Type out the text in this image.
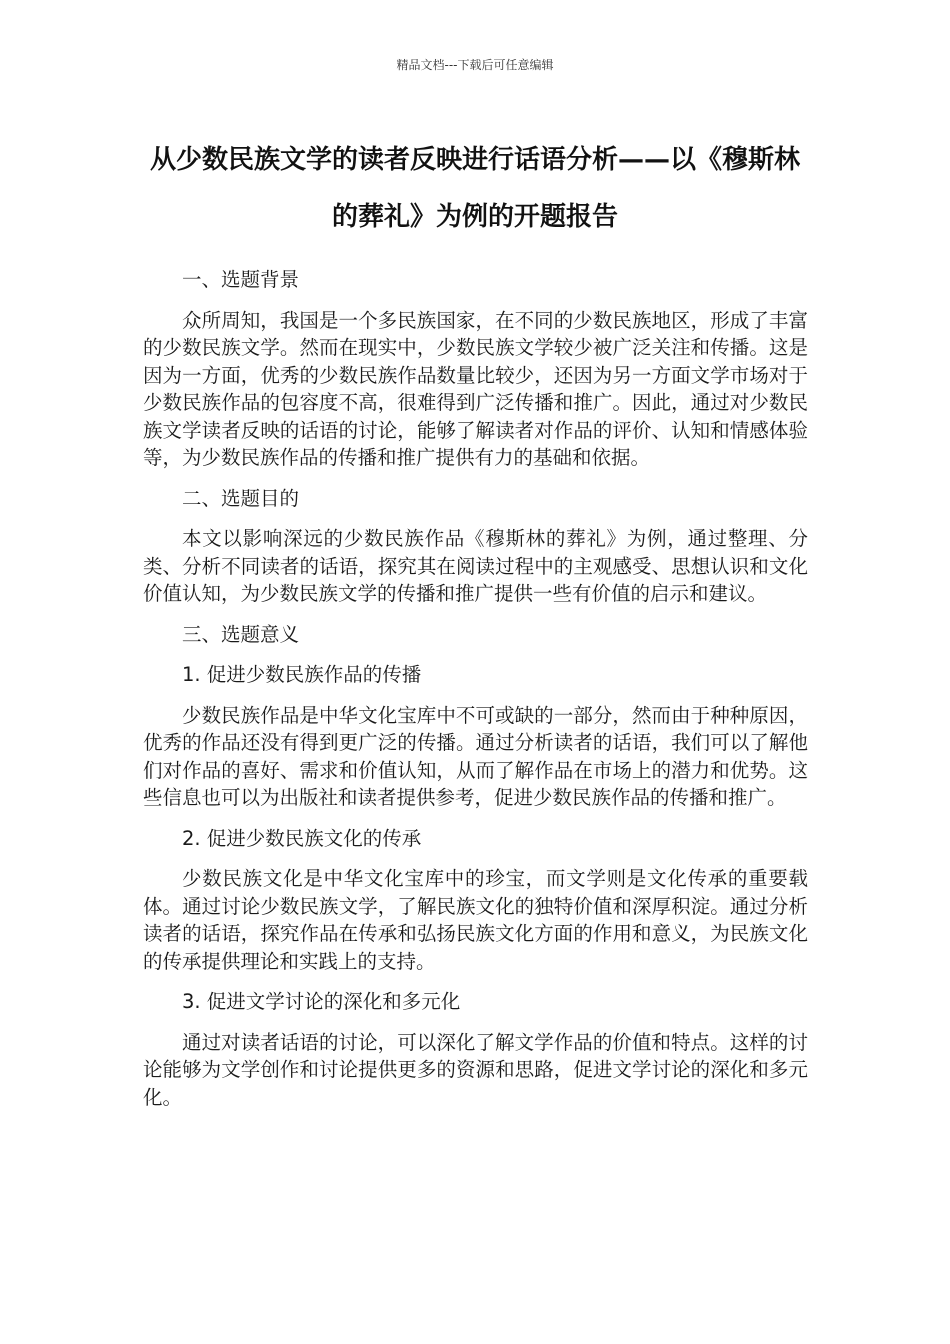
精品文档---下载后可任意编辑
从少数民族文学的读者反映进行话语分析——以《穆斯林的葬礼》为例的开题报告

一、选题背景

众所周知，我国是一个多民族国家，在不同的少数民族地区，形成了丰富的少数民族文学。然而在现实中，少数民族文学较少被广泛关注和传播。这是因为一方面，优秀的少数民族作品数量比较少，还因为另一方面文学市场对于少数民族作品的包容度不高，很难得到广泛传播和推广。因此，通过对少数民族文学读者反映的话语的讨论，能够了解读者对作品的评价、认知和情感体验等，为少数民族作品的传播和推广提供有力的基础和依据。

二、选题目的

本文以影响深远的少数民族作品《穆斯林的葬礼》为例，通过整理、分类、分析不同读者的话语，探究其在阅读过程中的主观感受、思想认识和文化价值认知，为少数民族文学的传播和推广提供一些有价值的启示和建议。

三、选题意义

1. 促进少数民族作品的传播

少数民族作品是中华文化宝库中不可或缺的一部分，然而由于种种原因，优秀的作品还没有得到更广泛的传播。通过分析读者的话语，我们可以了解他们对作品的喜好、需求和价值认知，从而了解作品在市场上的潜力和优势。这些信息也可以为出版社和读者提供参考，促进少数民族作品的传播和推广。

2. 促进少数民族文化的传承

少数民族文化是中华文化宝库中的珍宝，而文学则是文化传承的重要载体。通过讨论少数民族文学，了解民族文化的独特价值和深厚积淀。通过分析读者的话语，探究作品在传承和弘扬民族文化方面的作用和意义，为民族文化的传承提供理论和实践上的支持。

3. 促进文学讨论的深化和多元化

通过对读者话语的讨论，可以深化了解文学作品的价值和特点。这样的讨论能够为文学创作和讨论提供更多的资源和思路，促进文学讨论的深化和多元化。
